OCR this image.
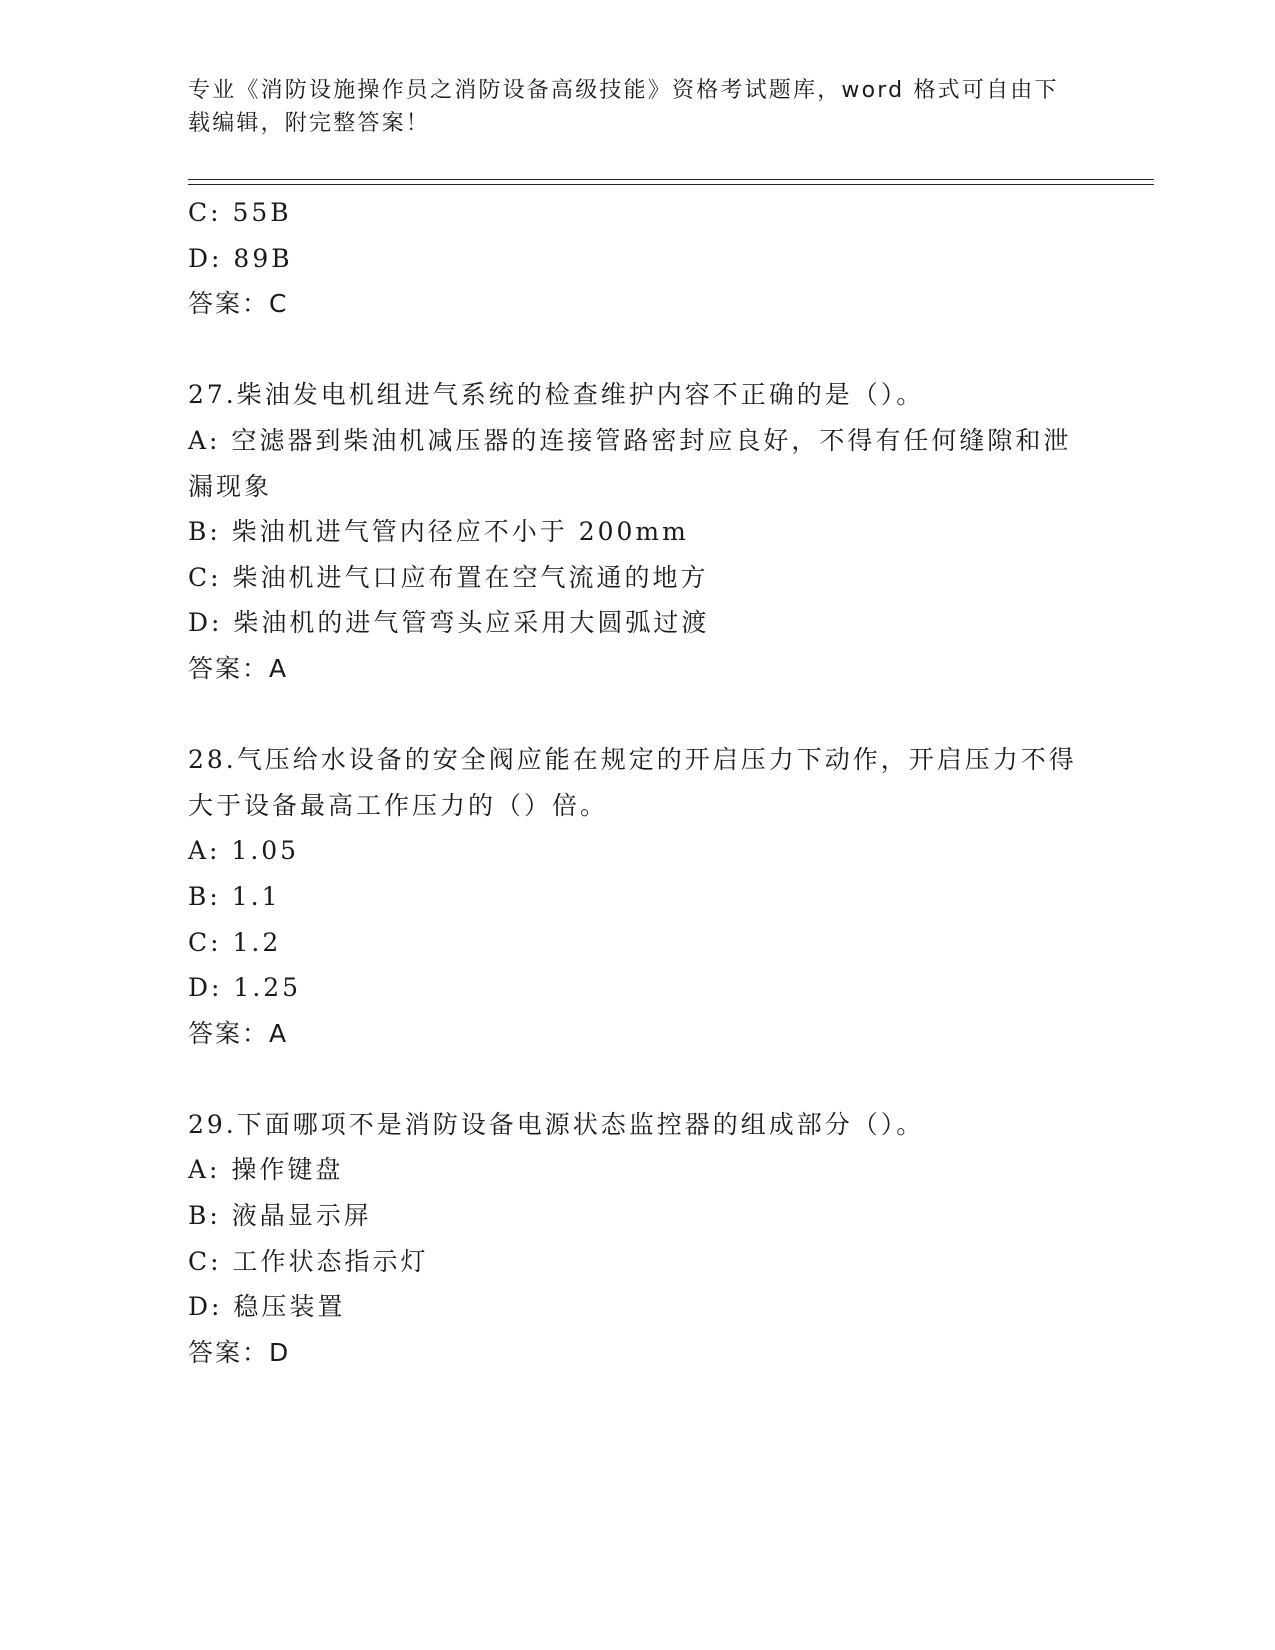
专业《消防设施操作员之消防设备高级技能》资格考试题库，word 格式可自由下
载编辑，附完整答案！
C: 55B
D: 89B
答案：C
27.柴油发电机组进气系统的检查维护内容不正确的是（）。
A: 空滤器到柴油机减压器的连接管路密封应良好，不得有任何缝隙和泄漏现象
B: 柴油机进气管内径应不小于 200mm
C: 柴油机进气口应布置在空气流通的地方
D: 柴油机的进气管弯头应采用大圆弧过渡
答案：A
28.气压给水设备的安全阀应能在规定的开启压力下动作，开启压力不得大于设备最高工作压力的（）倍。
A: 1.05
B: 1.1
C: 1.2
D: 1.25
答案：A
29.下面哪项不是消防设备电源状态监控器的组成部分（）。
A: 操作键盘
B: 液晶显示屏
C: 工作状态指示灯
D: 稳压装置
答案：D
